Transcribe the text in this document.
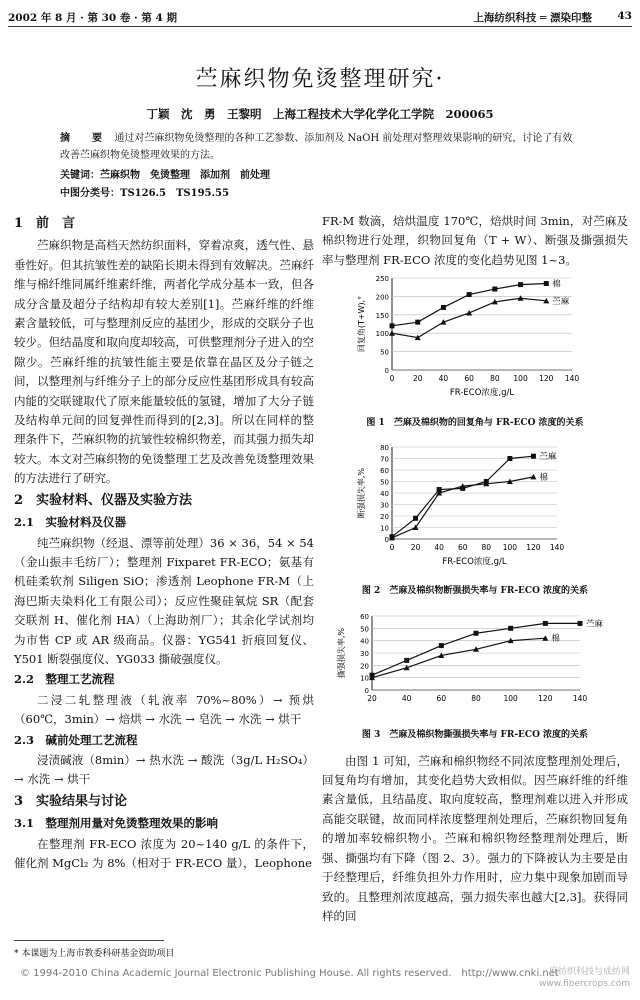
2002 年 8 月 · 第 30 卷 · 第 4 期	上海纺织科技 ═ 漂染印整 43
苎麻织物免烫整理研究·
丁颖　沈　勇　王黎明　上海工程技术大学化学化工学院　200065
摘　要 通过对苎麻织物免烫整理的各种工艺参数、添加剂及 NaOH 前处理对整理效果影响的研究，讨论了有效改善苎麻织物免烫整理效果的方法。
关键词：苎麻织物　免烫整理　添加剂　前处理
中图分类号：TS126.5　TS195.55
1　前　言

苎麻织物是高档天然纺织面料，穿着凉爽，透气性、悬垂性好。但其抗皱性差的缺陷长期未得到有效解决。苎麻纤维与棉纤维同属纤维素纤维，两者化学成分基本一致，但各成分含量及超分子结构却有较大差别[1]。苎麻纤维的纤维素含量较低，可与整理剂反应的基团少，形成的交联分子也较少。但结晶度和取向度却较高，可供整理剂分子进入的空隙少。苎麻纤维的抗皱性能主要是依靠在晶区及分子链之间，以整理剂与纤维分子上的部分反应性基团形成具有较高内能的交联键取代了原来能量较低的氢键，增加了大分子链及结构单元间的回复弹性而得到的[2,3]。所以在同样的整理条件下，苎麻织物的抗皱性较棉织物差，而其强力损失却较大。本文对苎麻织物的免烫整理工艺及改善免烫整理效果的方法进行了研究。

2　实验材料、仪器及实验方法
2.1　实验材料及仪器

纯苎麻织物（经退、漂等前处理）36 × 36，54 × 54（金山振丰毛纺厂）；整理剂 Fixparet FR-ECO；氨基有机硅柔软剂 Siligen SiO；渗透剂 Leophone FR-M（上海巴斯夫染料化工有限公司）；反应性聚硅氧烷 SR（配套交联剂 H、催化剂 HA）（上海助剂厂）；其余化学试剂均为市售 CP 或 AR 级商品。仪器：YG541 折痕回复仪、Y501 断裂强度仪、YG033 撕破强度仪。

2.2　整理工艺流程

二浸二轧整理液（轧液率 70%~80%）→ 预烘（60℃，3min）→ 焙烘 → 水洗 → 皂洗 → 水洗 → 烘干

2.3　碱前处理工艺流程

浸渍碱液（8min）→ 热水洗 → 酸洗（3g/L H₂SO₄）→ 水洗 → 烘干

3　实验结果与讨论
3.1　整理剂用量对免烫整理效果的影响

在整理剂 FR-ECO 浓度为 20~140 g/L 的条件下，催化剂 MgCl₂ 为 8%（相对于 FR-ECO 量），Leophone

FR-M 数滴，焙烘温度 170℃，焙烘时间 3min，对苎麻及棉织物进行处理，织物回复角（T + W）、断强及撕强损失率与整理剂 FR-ECO 浓度的变化趋势见图 1~3。

0
50
100
150
200
250
0 20 40 60 80 100 120 140
FR-ECO浓度,g/L
回复角(T+W),°
棉
苎麻
图 1　苎麻及棉织物的回复角与 FR-ECO 浓度的关系
0
10
20
30
40
50
60
70
80
0 20 40 60 80 100 120 140
FR-ECO浓度,g/L
断强损失率,%
苎麻
棉
图 2　苎麻及棉织物断强损失率与 FR-ECO 浓度的关系
0
10
20
30
40
50
60
20	40	60	80	100	120	140
撕强损失率,%
苎麻
棉
图 3　苎麻及棉织物撕强损失率与 FR-ECO 浓度的关系

由图 1 可知，苎麻和棉织物经不同浓度整理剂处理后，回复角均有增加，其变化趋势大致相似。因苎麻纤维的纤维素含量低，且结晶度、取向度较高，整理剂难以进入并形成高能交联键，故而同样浓度整理剂处理后，苎麻织物回复角的增加率较棉织物小。苎麻和棉织物经整理剂处理后，断强、撕强均有下降（图 2、3）。强力的下降被认为主要是由于经整理后，纤维负担外力作用时，应力集中现象加剧而导致的。且整理剂浓度越高，强力损失率也越大[2,3]。获得同样的回

* 本课题为上海市教委科研基金资助项目
© 1994-2010 China Academic Journal Electronic Publishing House. All rights reserved.　http://www.cnki.net
麻纺织科技与成纺网
www.fibercrops.com
